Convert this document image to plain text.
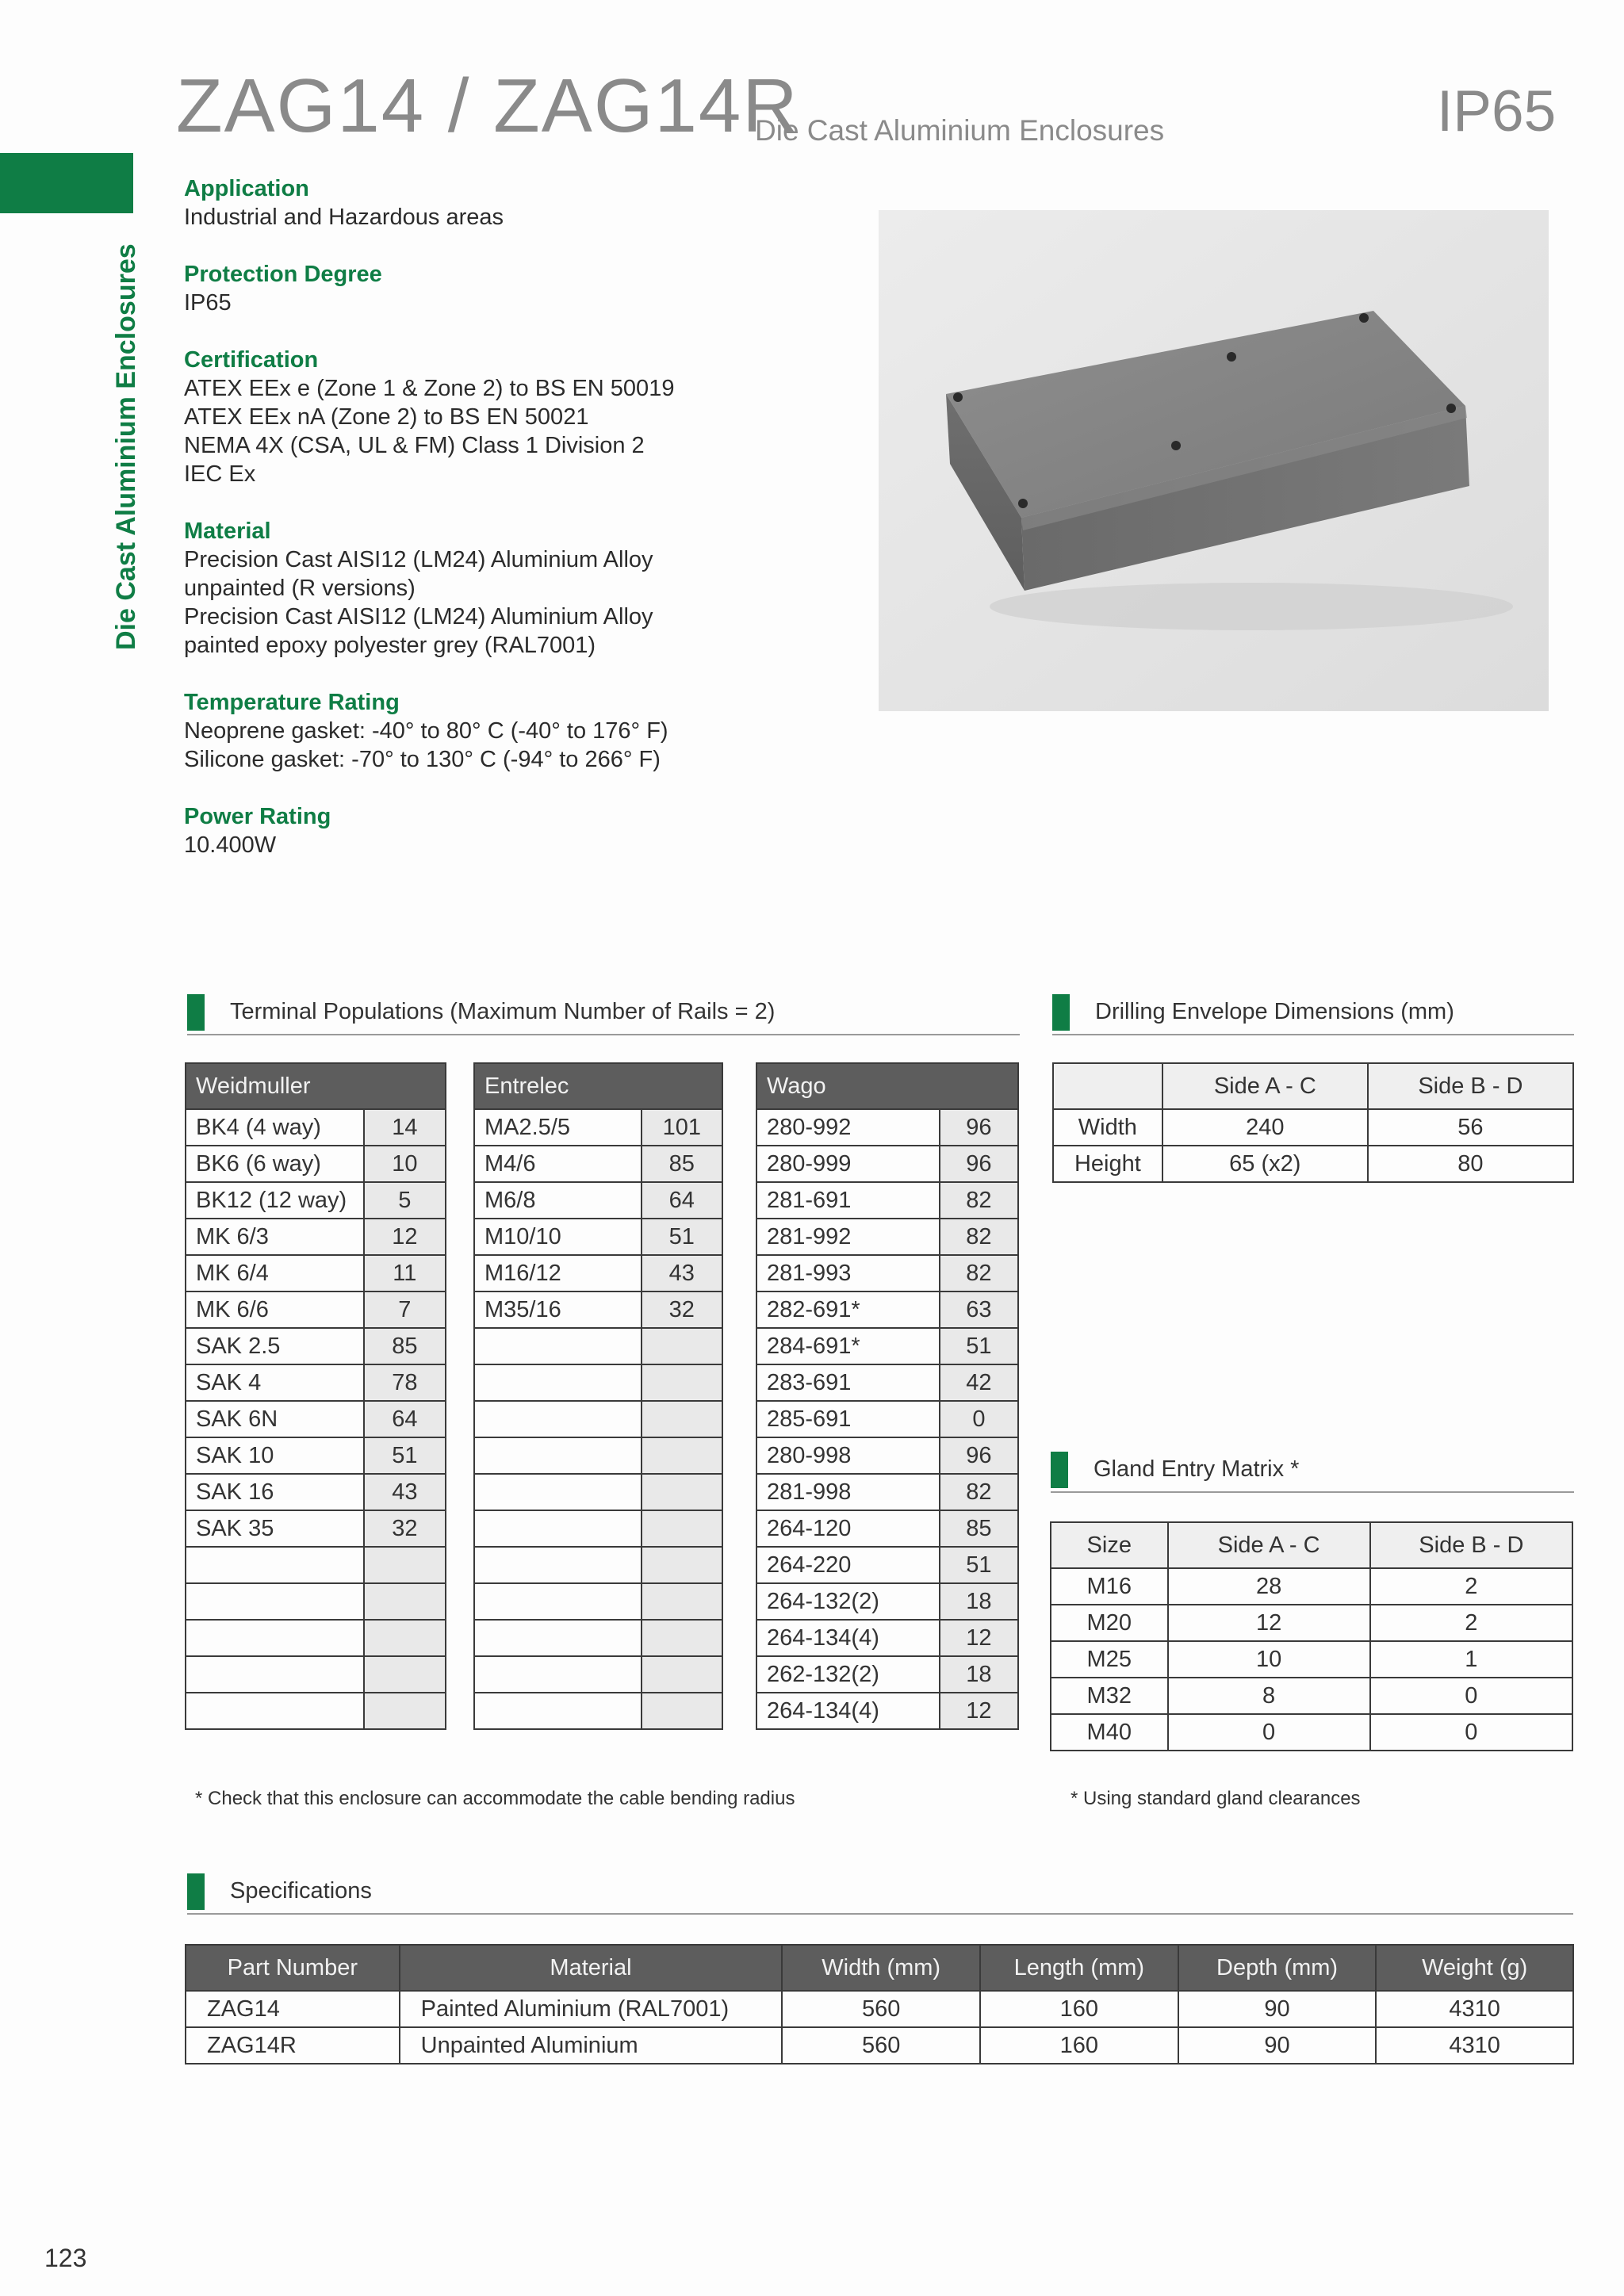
ZAG14 / ZAG14R
Die Cast Aluminium Enclosures	IP65
Die Cast Aluminium Enclosures
Application
Industrial and Hazardous areas
Protection Degree
IP65
Certification
ATEX EEx e (Zone 1 & Zone 2) to BS EN 50019
ATEX EEx nA (Zone 2) to BS EN 50021
NEMA 4X (CSA, UL & FM) Class 1 Division 2
IEC Ex
Material
Precision Cast AISI12 (LM24) Aluminium Alloy
unpainted (R versions)
Precision Cast AISI12 (LM24) Aluminium Alloy
painted epoxy polyester grey (RAL7001)
Temperature Rating
Neoprene gasket: -40° to 80° C (-40° to 176° F)
Silicone gasket: -70° to 130° C (-94° to 266° F)
Power Rating
10.400W
Terminal Populations (Maximum Number of Rails = 2)	Drilling Envelope Dimensions (mm)
Weidmuller	
BK4 (4 way)	14
BK6 (6 way)	10
BK12 (12 way)	5
MK 6/3	12
MK 6/4	11
MK 6/6	7
SAK 2.5	85
SAK 4	78
SAK 6N	64
SAK 10	51
SAK 16	43
SAK 35	32

Entrelec	
MA2.5/5	101
M4/6	85
M6/8	64
M10/10	51
M16/12	43
M35/16	32

Wago	
280-992	96
280-999	96
281-691	82
281-992	82
281-993	82
282-691*	63
284-691*	51
283-691	42
285-691	0
280-998	96
281-998	82
264-120	85
264-220	51
264-132(2)	18
264-134(4)	12
262-132(2)	18
264-134(4)	12
	Side A - C	Side B - D
Width	240	56
Height	65 (x2)	80
Gland Entry Matrix *
Size	Side A - C	Side B - D
M16	28	2
M20	12	2
M25	10	1
M32	8	0
M40	0	0
* Check that this enclosure can accommodate the cable bending radius	* Using standard gland clearances
Specifications
Part Number	Material	Width (mm)	Length (mm)	Depth (mm)	Weight (g)
ZAG14	Painted Aluminium (RAL7001)	560	160	90	4310
ZAG14R	Unpainted Aluminium	560	160	90	4310
123
